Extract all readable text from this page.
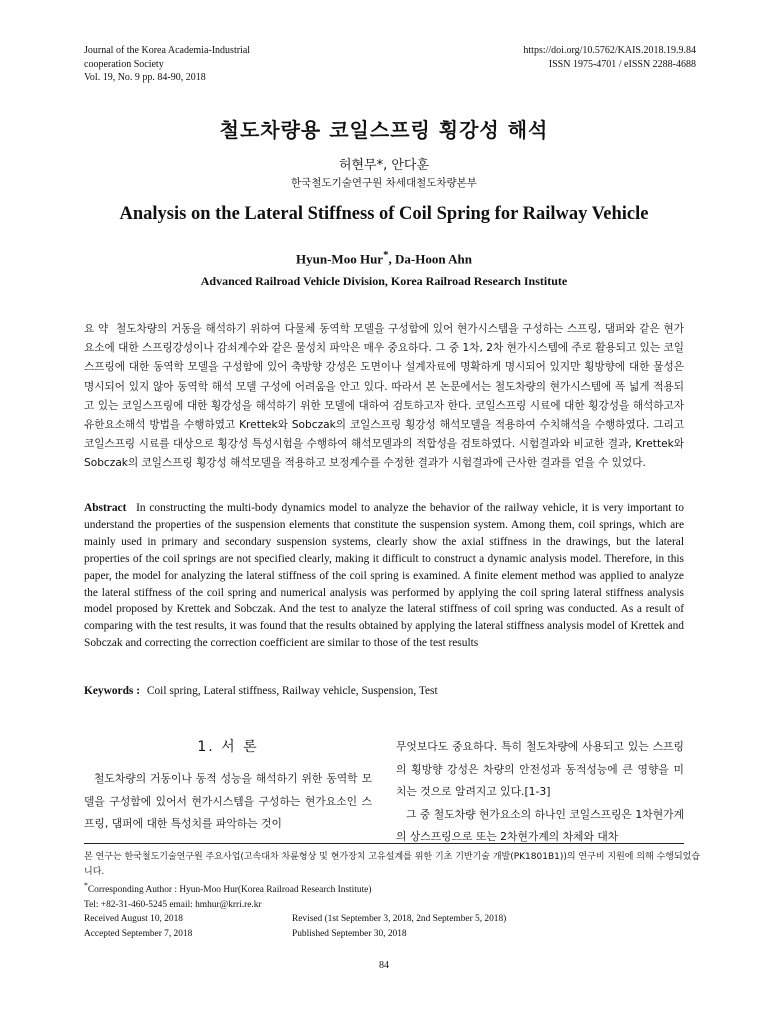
Journal of the Korea Academia-Industrial
cooperation Society
Vol. 19, No. 9 pp. 84-90, 2018
https://doi.org/10.5762/KAIS.2018.19.9.84
ISSN 1975-4701 / eISSN 2288-4688
철도차량용 코일스프링 횡강성 해석
허현무*, 안다훈
한국철도기술연구원 차세대철도차량본부
Analysis on the Lateral Stiffness of Coil Spring for Railway Vehicle
Hyun-Moo Hur*, Da-Hoon Ahn
Advanced Railroad Vehicle Division, Korea Railroad Research Institute
요 약 철도차량의 거동을 해석하기 위하여 다물체 동역학 모델을 구성함에 있어 현가시스템을 구성하는 스프링, 댐퍼와 같은 현가요소에 대한 스프링강성이나 감쇠계수와 같은 물성치 파악은 매우 중요하다. 그 중 1차, 2차 현가시스템에 주로 활용되고 있는 코일스프링에 대한 동역학 모델을 구성함에 있어 축방향 강성은 도면이나 설계자료에 명확하게 명시되어 있지만 횡방향에 대한 물성은 명시되어 있지 않아 동역학 해석 모델 구성에 어려움을 안고 있다. 따라서 본 논문에서는 철도차량의 현가시스템에 폭 넓게 적용되고 있는 코일스프링에 대한 횡강성을 해석하기 위한 모델에 대하여 검토하고자 한다. 코일스프링 시료에 대한 횡강성을 해석하고자 유한요소해석 방법을 수행하였고 Krettek와 Sobczak의 코일스프링 횡강성 해석모델을 적용하여 수치해석을 수행하였다. 그리고 코일스프링 시료를 대상으로 횡강성 특성시험을 수행하여 해석모델과의 적합성을 검토하였다. 시험결과와 비교한 결과, Krettek와 Sobczak의 코일스프링 횡강성 해석모델을 적용하고 보정계수를 수정한 결과가 시험결과에 근사한 결과를 얻을 수 있었다.
Abstract In constructing the multi-body dynamics model to analyze the behavior of the railway vehicle, it is very important to understand the properties of the suspension elements that constitute the suspension system. Among them, coil springs, which are mainly used in primary and secondary suspension systems, clearly show the axial stiffness in the drawings, but the lateral properties of the coil springs are not specified clearly, making it difficult to construct a dynamic analysis model. Therefore, in this paper, the model for analyzing the lateral stiffness of the coil spring is examined. A finite element method was applied to analyze the lateral stiffness of the coil spring and numerical analysis was performed by applying the coil spring lateral stiffness analysis model proposed by Krettek and Sobczak. And the test to analyze the lateral stiffness of coil spring was conducted. As a result of comparing with the test results, it was found that the results obtained by applying the lateral stiffness analysis model of Krettek and Sobczak and correcting the correction coefficient are similar to those of the test results
Keywords : Coil spring, Lateral stiffness, Railway vehicle, Suspension, Test
1. 서 론

철도차량의 거동이나 동적 성능을 해석하기 위한 동역학 모델을 구성함에 있어서 현가시스템을 구성하는 현가요소인 스프링, 댐퍼에 대한 특성치를 파악하는 것이

무엇보다도 중요하다. 특히 철도차량에 사용되고 있는 스프링의 횡방향 강성은 차량의 안전성과 동적성능에 큰 영향을 미치는 것으로 알려지고 있다.[1-3]

그 중 철도차량 현가요소의 하나인 코일스프링은 1차현가계의 상스프링으로 또는 2차현가계의 차체와 대차

본 연구는 한국철도기술연구원 주요사업(고속대차 차륜형상 및 현가장치 고유설계를 위한 기초 기반기술 개발(PK1801B1))의 연구비 지원에 의해 수행되었습니다.
*Corresponding Author : Hyun-Moo Hur(Korea Railroad Research Institute)
Tel: +82-31-460-5245 email: hmhur@krri.re.kr
Received August 10, 2018	Revised (1st September 3, 2018, 2nd September 5, 2018)
Accepted September 7, 2018	Published September 30, 2018
84
